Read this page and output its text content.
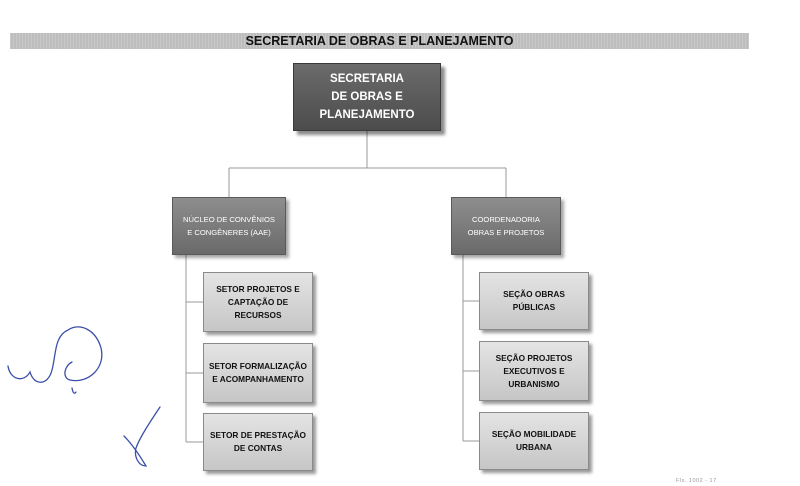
SECRETARIA DE OBRAS E PLANEJAMENTO
SECRETARIA
DE OBRAS E
PLANEJAMENTO
NÚCLEO DE CONVÊNIOS
E CONGÊNERES (AAE)
COORDENADORIA
OBRAS E PROJETOS
SETOR PROJETOS E
CAPTAÇÃO DE
RECURSOS
SETOR FORMALIZAÇÃO
E ACOMPANHAMENTO
SETOR DE PRESTAÇÃO
DE CONTAS
SEÇÃO OBRAS
PÚBLICAS
SEÇÃO PROJETOS
EXECUTIVOS E
URBANISMO
SEÇÃO MOBILIDADE
URBANA
Fls. 1002 - 17
